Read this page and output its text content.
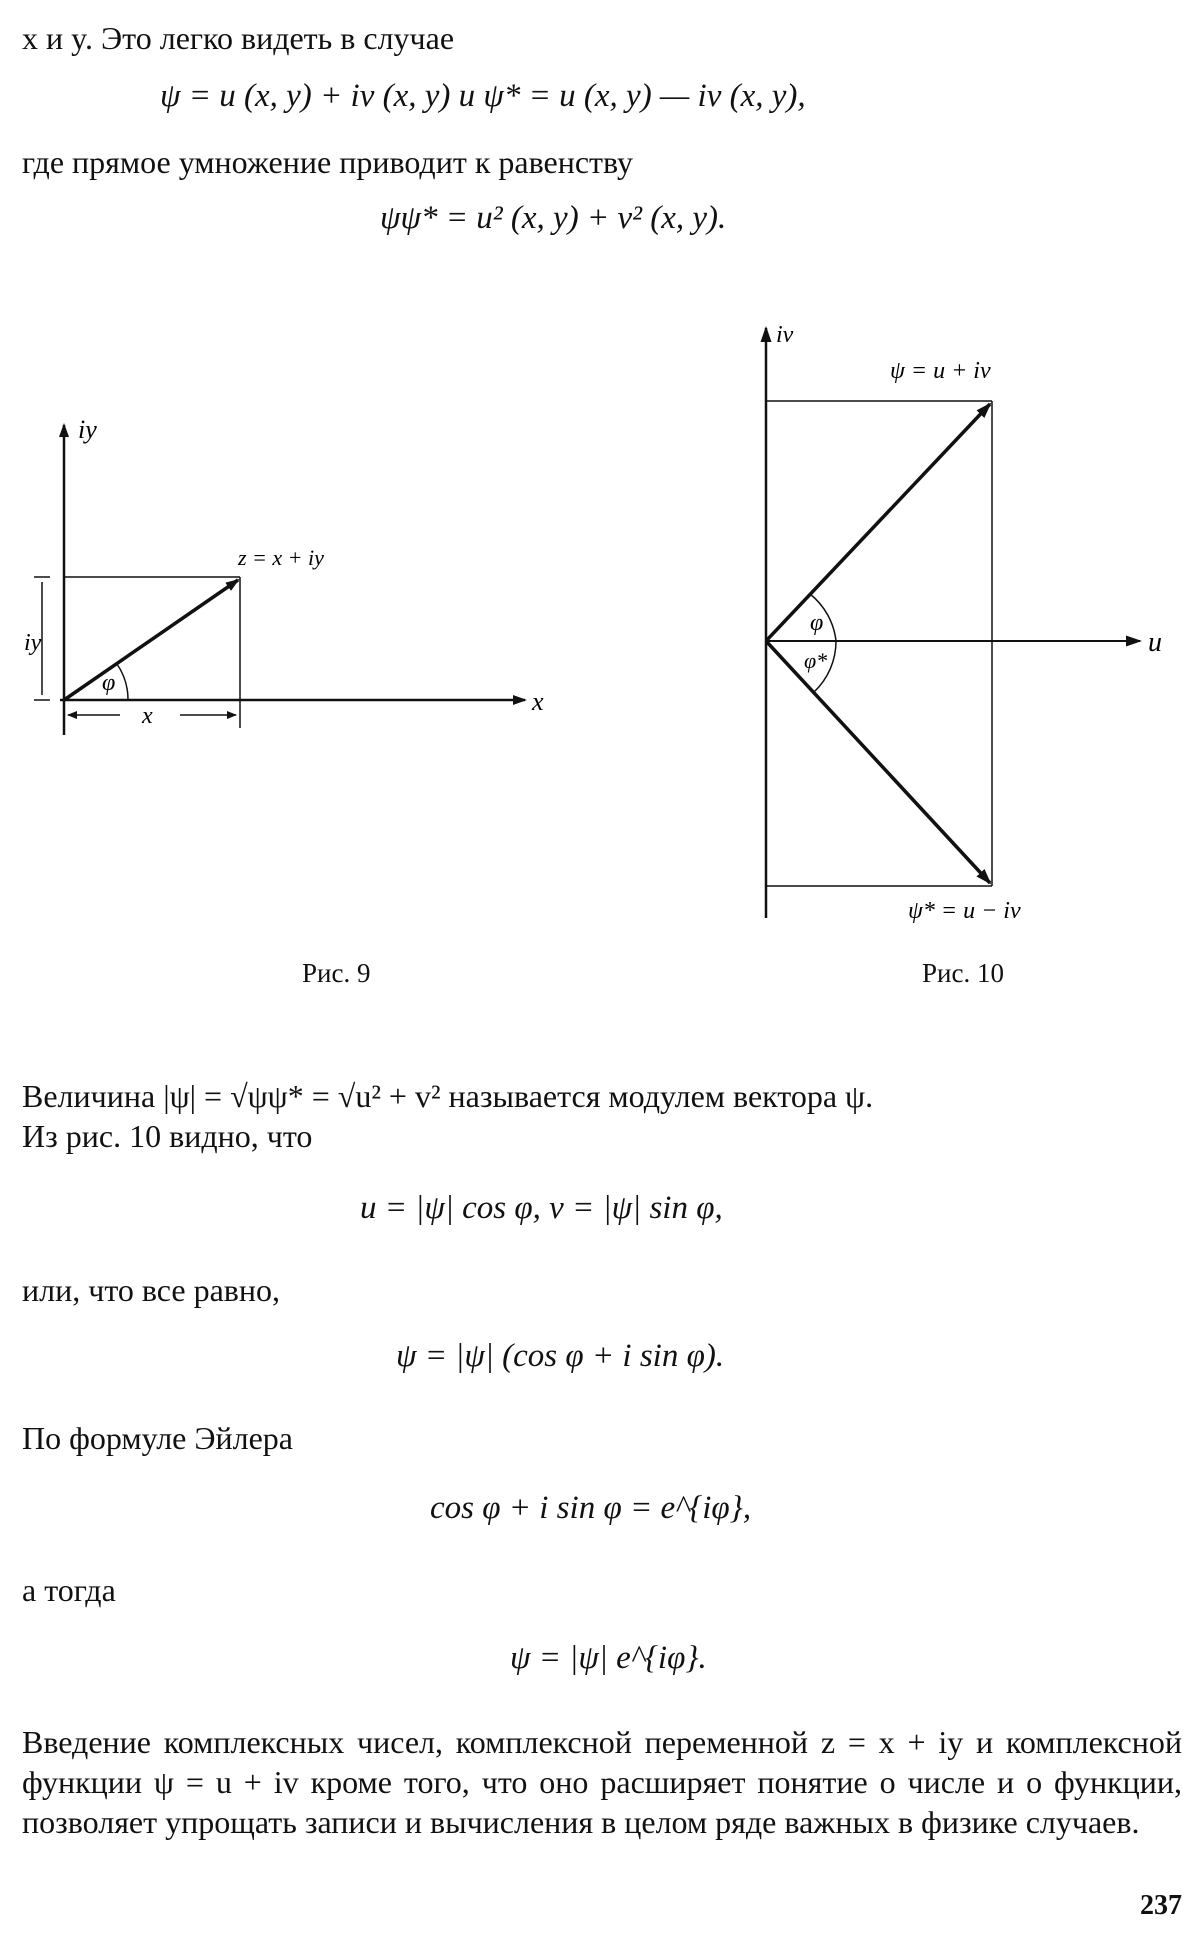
x и y. Это легко видеть в случае
ψ = u (x, y) + iv (x, y) и ψ* = u (x, y) — iv (x, y),
где прямое умножение приводит к равенству
ψψ* = u² (x, y) + v² (x, y).
iy
x
z = x + iy
iy
x
φ
Рис. 9
iv
u
ψ = u + iv
ψ* = u − iv
φ
φ*
Рис. 10
Величина |ψ| = √ψψ* = √u² + v² называется модулем вектора ψ.
Из рис. 10 видно, что
u = |ψ| cos φ, v = |ψ| sin φ,
или, что все равно,
ψ = |ψ| (cos φ + i sin φ).
По формуле Эйлера
cos φ + i sin φ = e^{iφ},
а тогда
ψ = |ψ| e^{iφ}.
Введение комплексных чисел, комплексной переменной z = x + iy и комплексной функции ψ = u + iv кроме того, что оно расширяет понятие о числе и о функции, позволяет упрощать записи и вычисления в целом ряде важных в физике случаев.
237
